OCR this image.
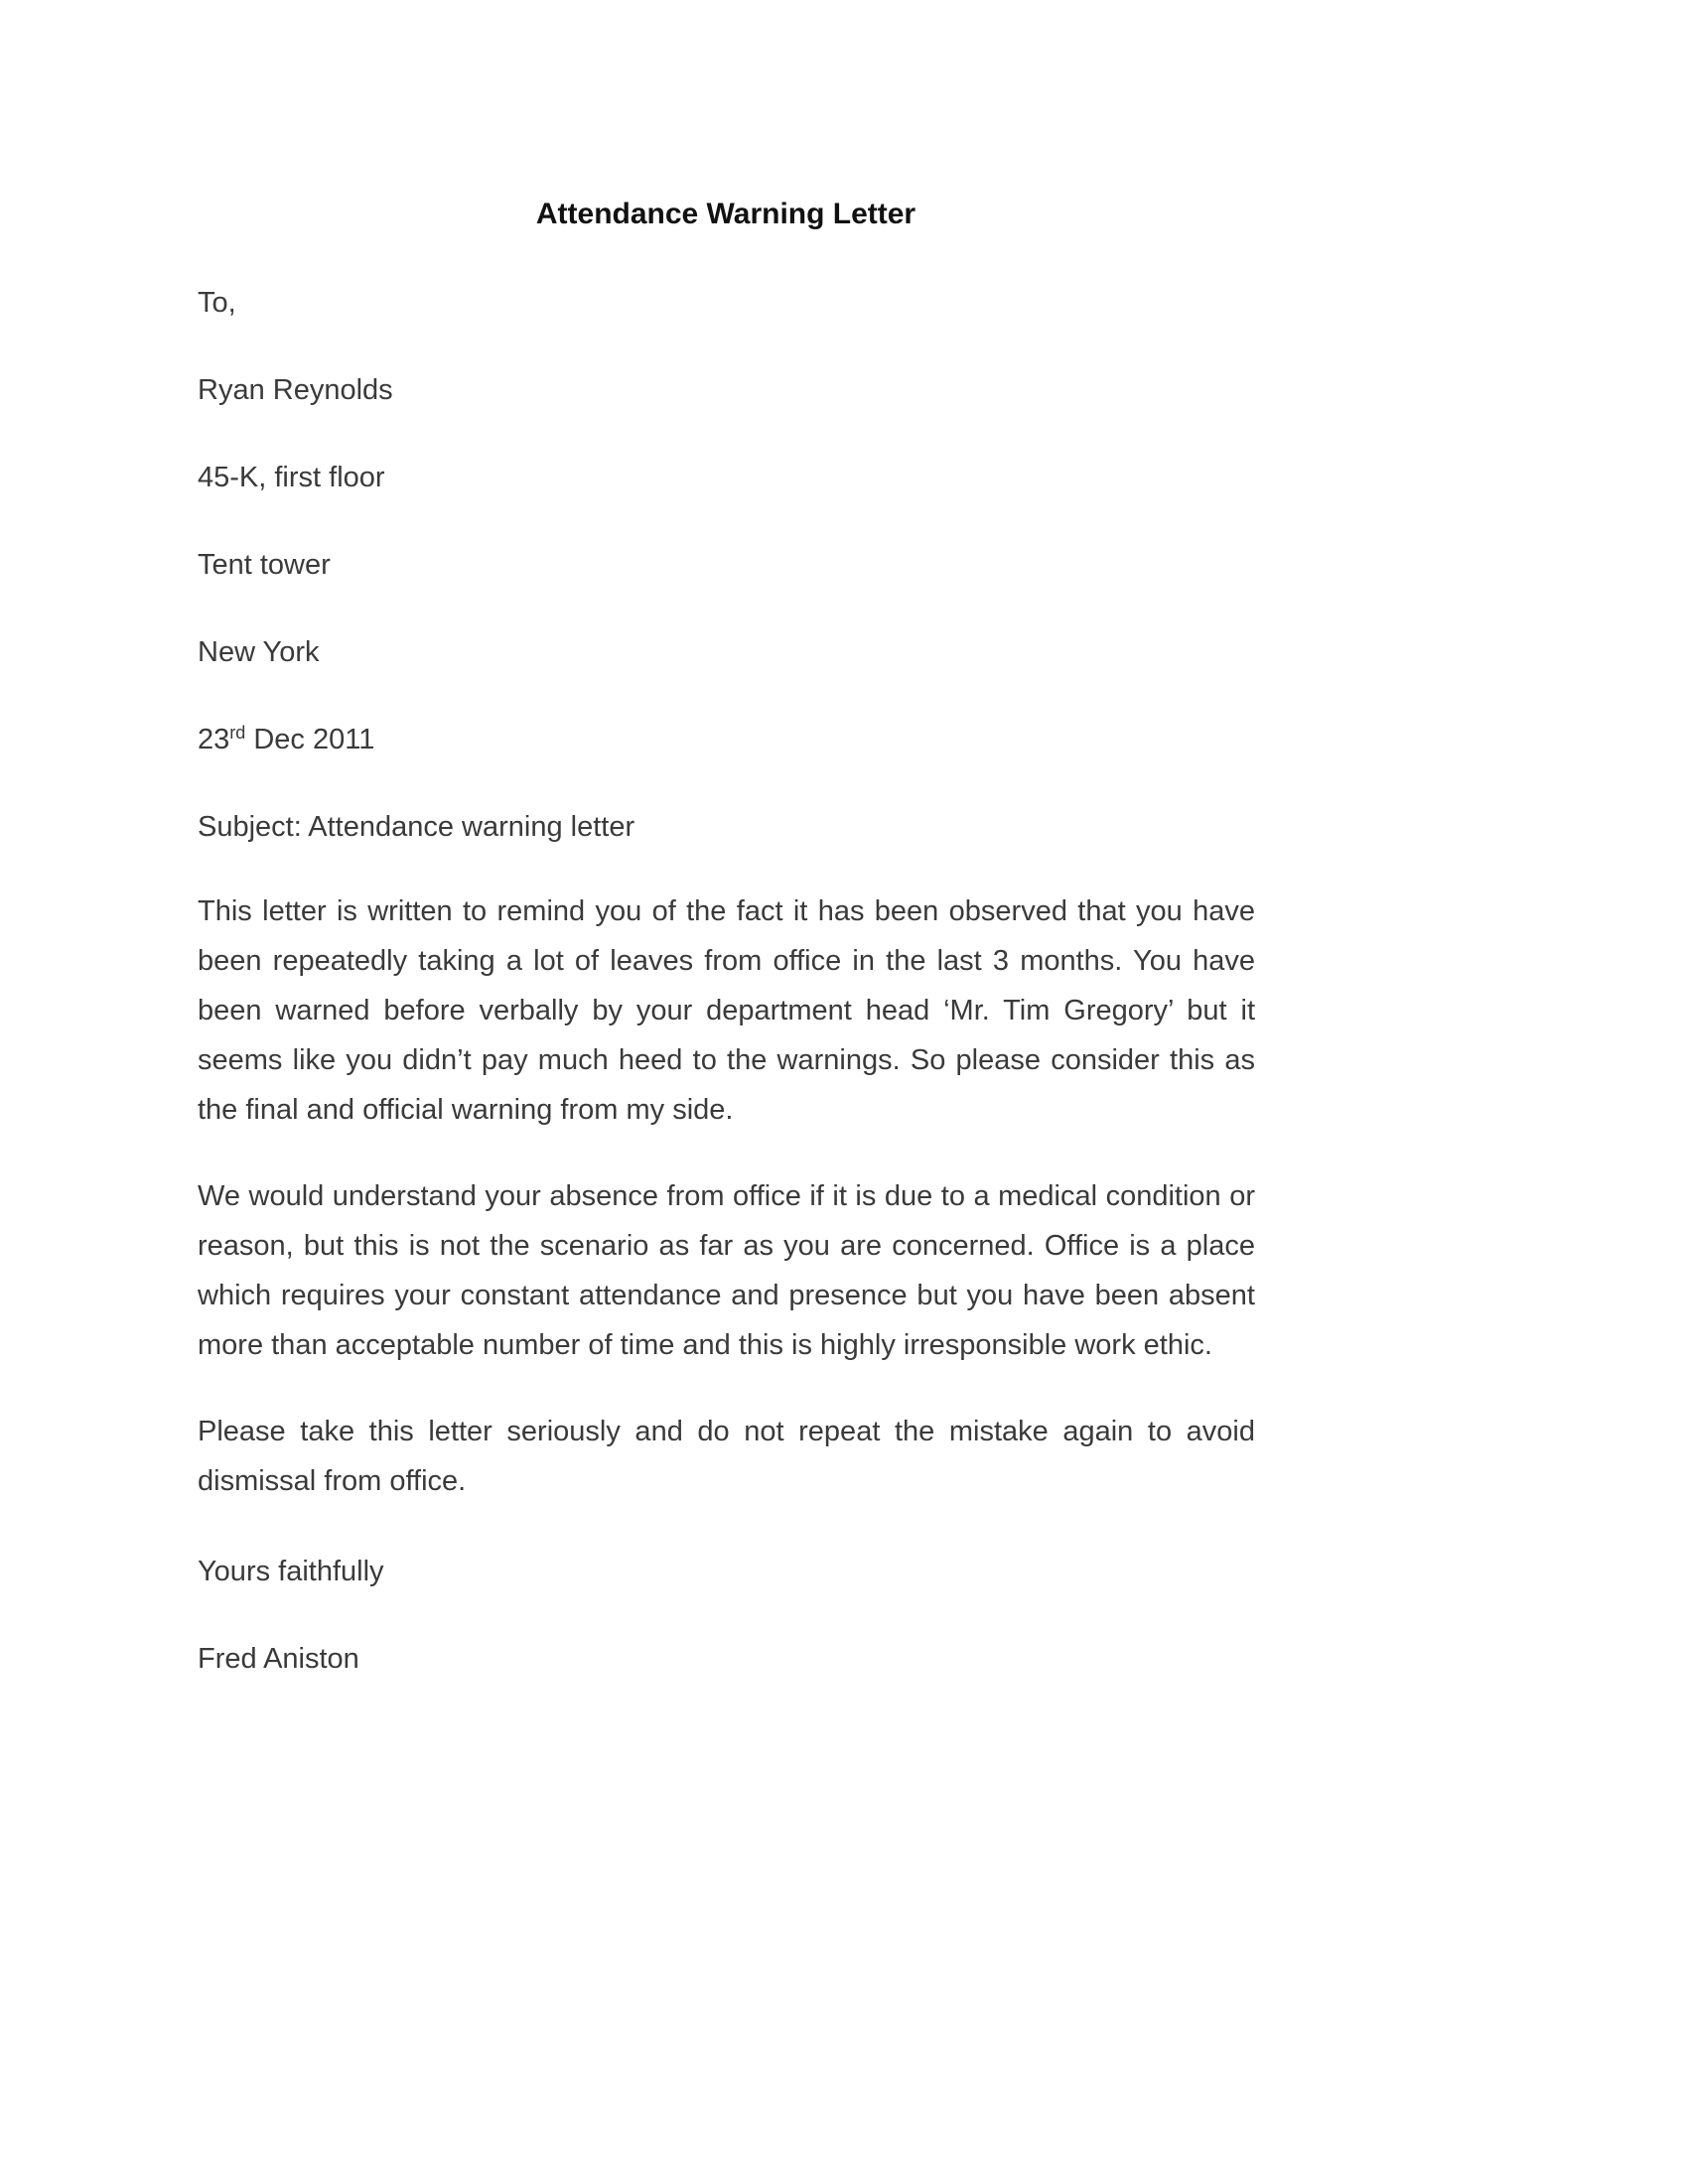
Attendance Warning Letter

To,

Ryan Reynolds

45-K, first floor

Tent tower

New York

23rd Dec 2011

Subject: Attendance warning letter

This letter is written to remind you of the fact it has been observed that you have been repeatedly taking a lot of leaves from office in the last 3 months. You have been warned before verbally by your department head ‘Mr. Tim Gregory’ but it seems like you didn’t pay much heed to the warnings. So please consider this as the final and official warning from my side.

We would understand your absence from office if it is due to a medical condition or reason, but this is not the scenario as far as you are concerned. Office is a place which requires your constant attendance and presence but you have been absent more than acceptable number of time and this is highly irresponsible work ethic.

Please take this letter seriously and do not repeat the mistake again to avoid dismissal from office.

Yours faithfully

Fred Aniston
